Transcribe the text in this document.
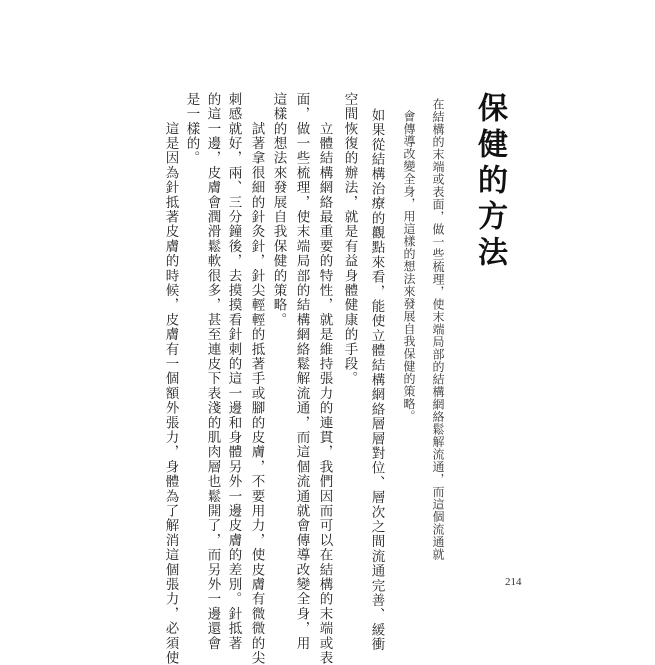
保健的方法
在結構的末端或表面，做一些梳理，使末端局部的結構網絡鬆解流通，而這個流通就
會傳導改變全身，用這樣的想法來發展自我保健的策略。
如果從結構治療的觀點來看，能使立體結構網絡層層對位、層次之間流通完善、緩衝
空間恢復的辦法，就是有益身體健康的手段。
　　立體結構網絡最重要的特性，就是維持張力的連貫，我們因而可以在結構的末端或表
面，做一些梳理，使末端局部的結構網絡鬆解流通，而這個流通就會傳導改變全身，用
這樣的想法來發展自我保健的策略。
　　試著拿很細的針灸針，針尖輕輕的抵著手或腳的皮膚，不要用力，使皮膚有微微的尖
刺感就好，兩、三分鐘後，去摸摸看針刺的這一邊和身體另外一邊皮膚的差別。針抵著
的這一邊，皮膚會潤滑鬆軟很多，甚至連皮下表淺的肌肉層也鬆開了，而另外一邊還會
是一樣的。
　　這是因為針抵著皮膚的時候，皮膚有一個額外張力，身體為了解消這個張力，必須使	214
